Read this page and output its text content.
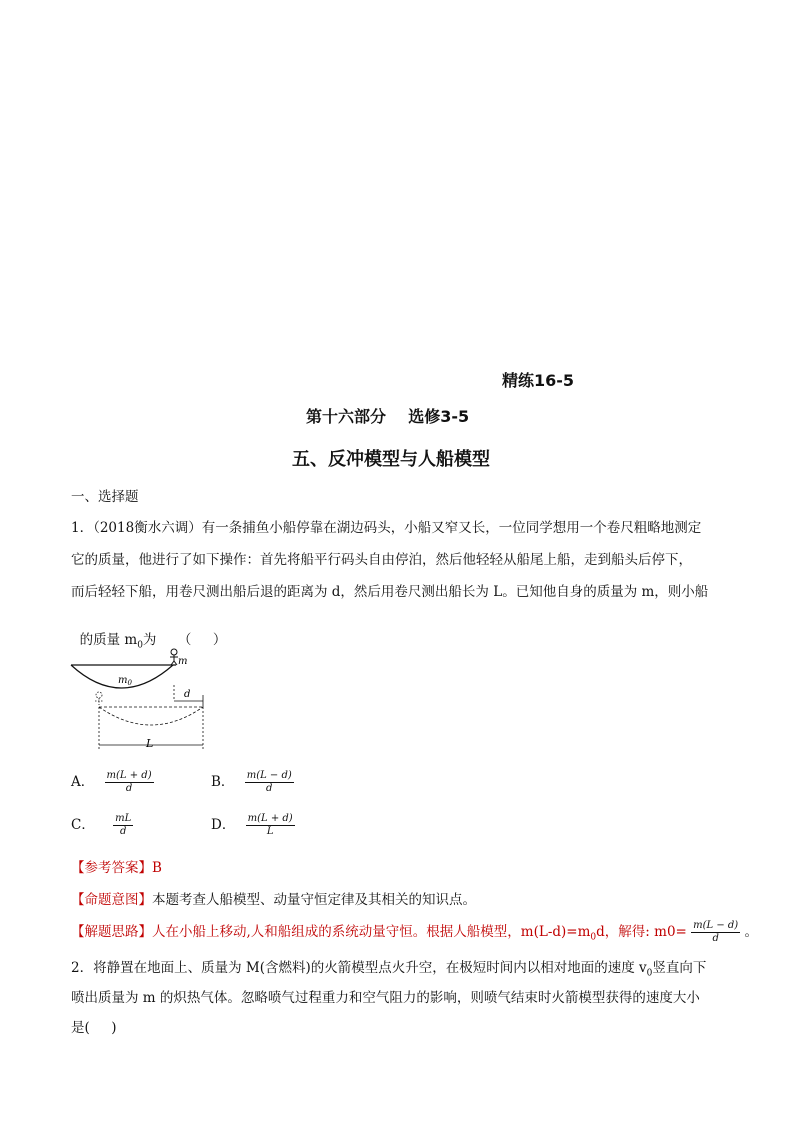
精练16-5
第十六部分    选修3-5
五、反冲模型与人船模型
一、选择题
1．（2018衡水六调）有一条捕鱼小船停靠在湖边码头，小船又窄又长，一位同学想用一个卷尺粗略地测定
它的质量，他进行了如下操作：首先将船平行码头自由停泊，然后他轻轻从船尾上船，走到船头后停下，
而后轻轻下船，用卷尺测出船后退的距离为 d，然后用卷尺测出船长为 L。已知他自身的质量为 m，则小船

的质量 $m_0$为     （     ）

m
$m_0$
d
L
A． $\frac{m(L + d)}{d}$	B． $\frac{m(L - d)}{d}$
C． $\frac{mL}{d}$	D． $\frac{m(L + d)}{L}$
【参考答案】B
【命题意图】本题考查人船模型、动量守恒定律及其相关的知识点。
【解题思路】人在小船上移动,人和船组成的系统动量守恒。根据人船模型，$m(L-d)=m_0d$，解得: $m0= \frac{m(L - d)}{d}$ 。
2．将静置在地面上、质量为 M(含燃料)的火箭模型点火升空，在极短时间内以相对地面的速度 $v_0$竖直向下
喷出质量为 m 的炽热气体。忽略喷气过程重力和空气阻力的影响，则喷气结束时火箭模型获得的速度大小
是(     )
